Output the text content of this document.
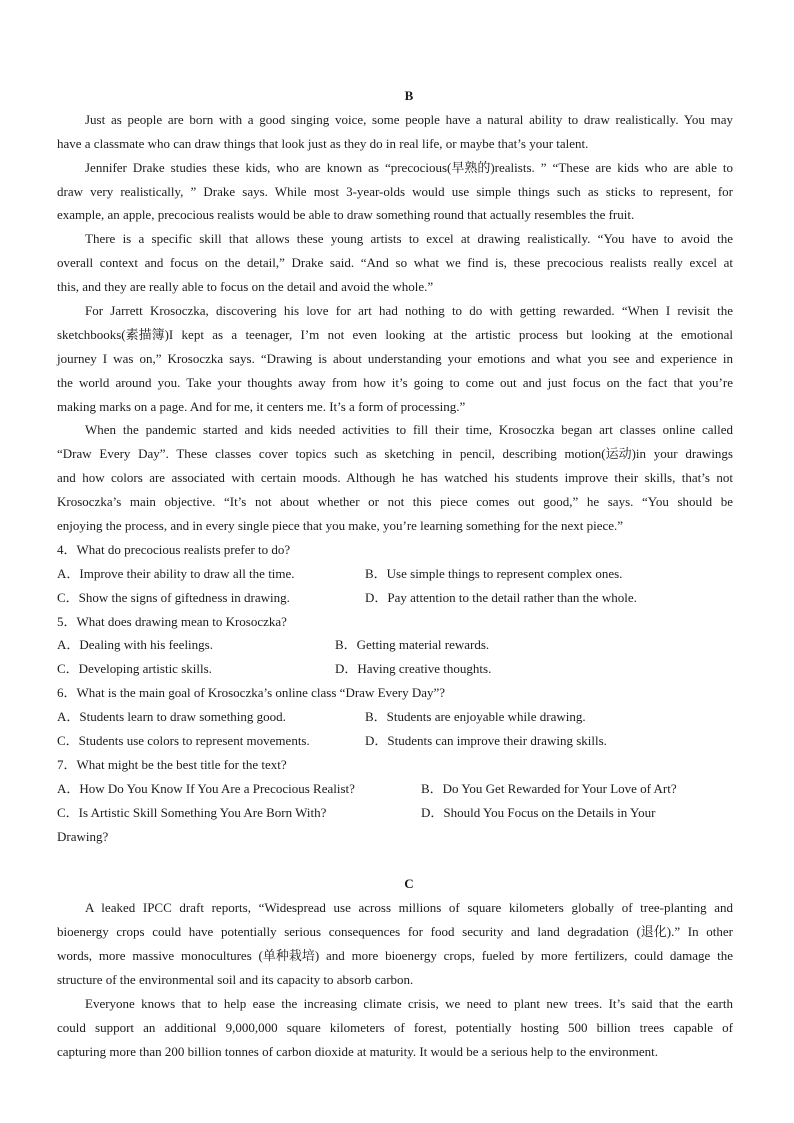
B
Just as people are born with a good singing voice, some people have a natural ability to draw realistically. You may
have a classmate who can draw things that look just as they do in real life, or maybe that’s your talent.
Jennifer Drake studies these kids, who are known as “precocious(早熟的)realists. ” “These are kids who are able to
draw very realistically, ” Drake says. While most 3-year-olds would use simple things such as sticks to represent, for
example, an apple, precocious realists would be able to draw something round that actually resembles the fruit.
There is a specific skill that allows these young artists to excel at drawing realistically. “You have to avoid the
overall context and focus on the detail,” Drake said. “And so what we find is, these precocious realists really excel at
this, and they are really able to focus on the detail and avoid the whole.”
For Jarrett Krosoczka, discovering his love for art had nothing to do with getting rewarded. “When I revisit the
sketchbooks(素描簿)I kept as a teenager, I’m not even looking at the artistic process but looking at the emotional
journey I was on,” Krosoczka says. “Drawing is about understanding your emotions and what you see and experience in
the world around you. Take your thoughts away from how it’s going to come out and just focus on the fact that you’re
making marks on a page. And for me, it centers me. It’s a form of processing.”
When the pandemic started and kids needed activities to fill their time, Krosoczka began art classes online called
“Draw Every Day”. These classes cover topics such as sketching in pencil, describing motion(运动)in your drawings
and how colors are associated with certain moods. Although he has watched his students improve their skills, that’s not
Krosoczka’s main objective. “It’s not about whether or not this piece comes out good,” he says. “You should be
enjoying the process, and in every single piece that you make, you’re learning something for the next piece.”
4．What do precocious realists prefer to do?
A．Improve their ability to draw all the time.	B．Use simple things to represent complex ones.
C．Show the signs of giftedness in drawing.	D．Pay attention to the detail rather than the whole.
5．What does drawing mean to Krosoczka?
A．Dealing with his feelings.	B．Getting material rewards.
C．Developing artistic skills.	D．Having creative thoughts.
6．What is the main goal of Krosoczka’s online class “Draw Every Day”?
A．Students learn to draw something good.	B．Students are enjoyable while drawing.
C．Students use colors to represent movements.	D．Students can improve their drawing skills.
7．What might be the best title for the text?
A．How Do You Know If You Are a Precocious Realist?	B．Do You Get Rewarded for Your Love of Art?
C．Is Artistic Skill Something You Are Born With?	D．Should You Focus on the Details in Your
Drawing?
C
A leaked IPCC draft reports, “Widespread use across millions of square kilometers globally of tree-planting and
bioenergy crops could have potentially serious consequences for food security and land degradation (退化).” In other
words, more massive monocultures (单种栽培) and more bioenergy crops, fueled by more fertilizers, could damage the
structure of the environmental soil and its capacity to absorb carbon.
Everyone knows that to help ease the increasing climate crisis, we need to plant new trees. It’s said that the earth
could support an additional 9,000,000 square kilometers of forest, potentially hosting 500 billion trees capable of
capturing more than 200 billion tonnes of carbon dioxide at maturity. It would be a serious help to the environment.
